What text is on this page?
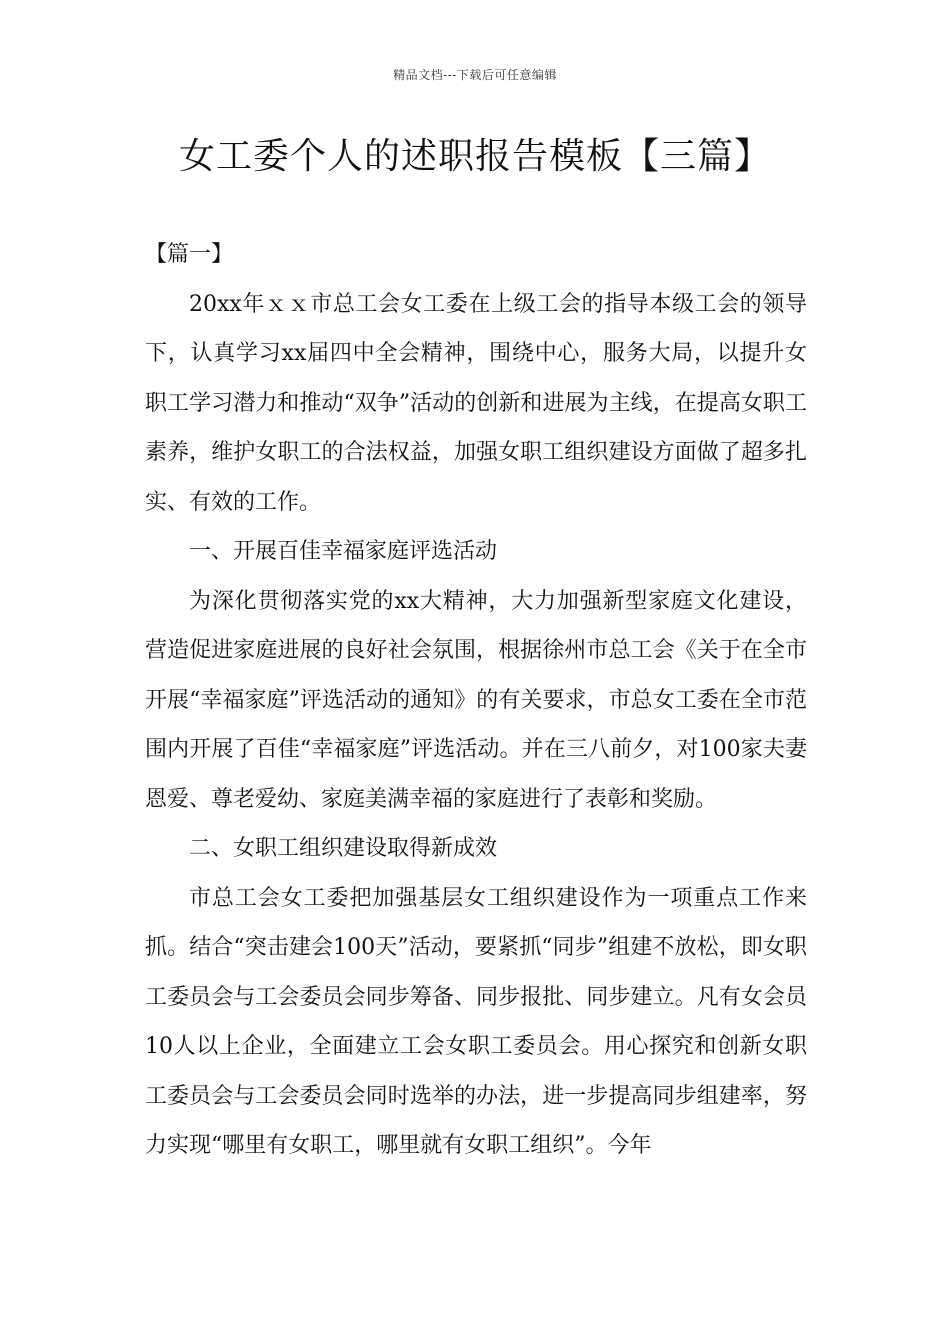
精品文档---下载后可任意编辑
女工委个人的述职报告模板【三篇】

【篇一】

20xx年ｘｘ市总工会女工委在上级工会的指导本级工会的领导下，认真学习xx届四中全会精神，围绕中心，服务大局，以提升女职工学习潜力和推动“双争”活动的创新和进展为主线，在提高女职工素养，维护女职工的合法权益，加强女职工组织建设方面做了超多扎实、有效的工作。

一、开展百佳幸福家庭评选活动

为深化贯彻落实党的xx大精神，大力加强新型家庭文化建设，营造促进家庭进展的良好社会氛围，根据徐州市总工会《关于在全市开展“幸福家庭”评选活动的通知》的有关要求，市总女工委在全市范围内开展了百佳“幸福家庭”评选活动。并在三八前夕，对100家夫妻恩爱、尊老爱幼、家庭美满幸福的家庭进行了表彰和奖励。

二、女职工组织建设取得新成效

市总工会女工委把加强基层女工组织建设作为一项重点工作来抓。结合“突击建会100天”活动，要紧抓“同步”组建不放松，即女职工委员会与工会委员会同步筹备、同步报批、同步建立。凡有女会员10人以上企业，全面建立工会女职工委员会。用心探究和创新女职工委员会与工会委员会同时选举的办法，进一步提高同步组建率，努力实现“哪里有女职工，哪里就有女职工组织”。今年
